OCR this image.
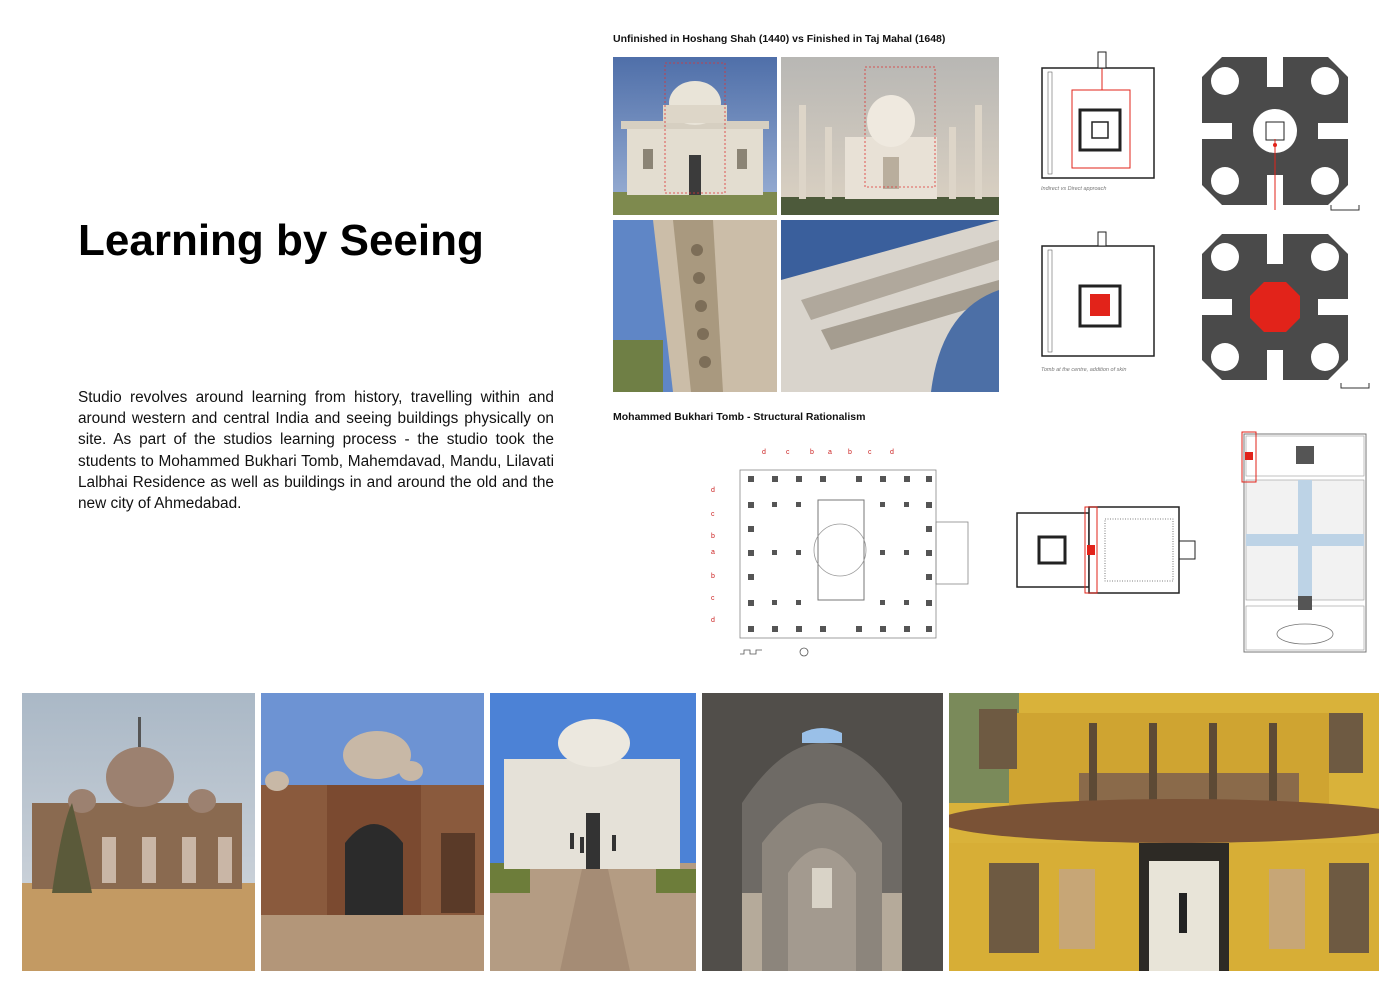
Learning by Seeing

Studio revolves around learning from history, travelling within and around western and central India and seeing buildings physically on site. As part of the studios learning process - the studio took the students to Mohammed Bukhari Tomb, Mahemdavad, Mandu, Lilavati Lalbhai Residence as well as buildings in and around the old and the new city of Ahmedabad.

Unfinished in Hoshang Shah (1440) vs Finished in Taj Mahal (1648)
Indirect vs Direct approach
Tomb at the centre, addition of skin
Mohammed Bukhari Tomb - Structural Rationalism
d	c	b a b c	d
d
c
b
a
b
c
d
